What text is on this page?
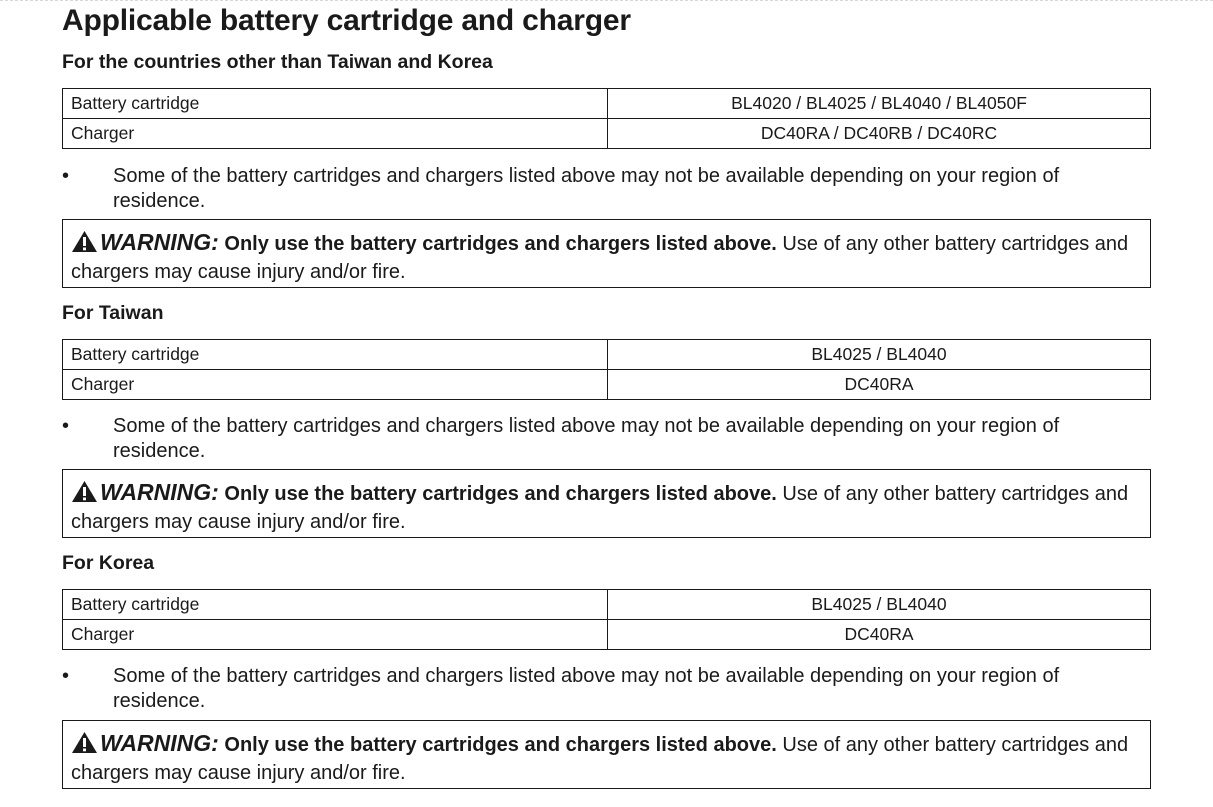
Applicable battery cartridge and charger
For the countries other than Taiwan and Korea
Battery cartridge	BL4020 / BL4025 / BL4040 / BL4050F
Charger	DC40RA / DC40RB / DC40RC
• Some of the battery cartridges and chargers listed above may not be available depending on your region of residence.
WARNING: Only use the battery cartridges and chargers listed above. Use of any other battery cartridges and chargers may cause injury and/or fire.
For Taiwan
Battery cartridge	BL4025 / BL4040
Charger	DC40RA
• Some of the battery cartridges and chargers listed above may not be available depending on your region of residence.
WARNING: Only use the battery cartridges and chargers listed above. Use of any other battery cartridges and chargers may cause injury and/or fire.
For Korea
Battery cartridge	BL4025 / BL4040
Charger	DC40RA
• Some of the battery cartridges and chargers listed above may not be available depending on your region of residence.
WARNING: Only use the battery cartridges and chargers listed above. Use of any other battery cartridges and chargers may cause injury and/or fire.
